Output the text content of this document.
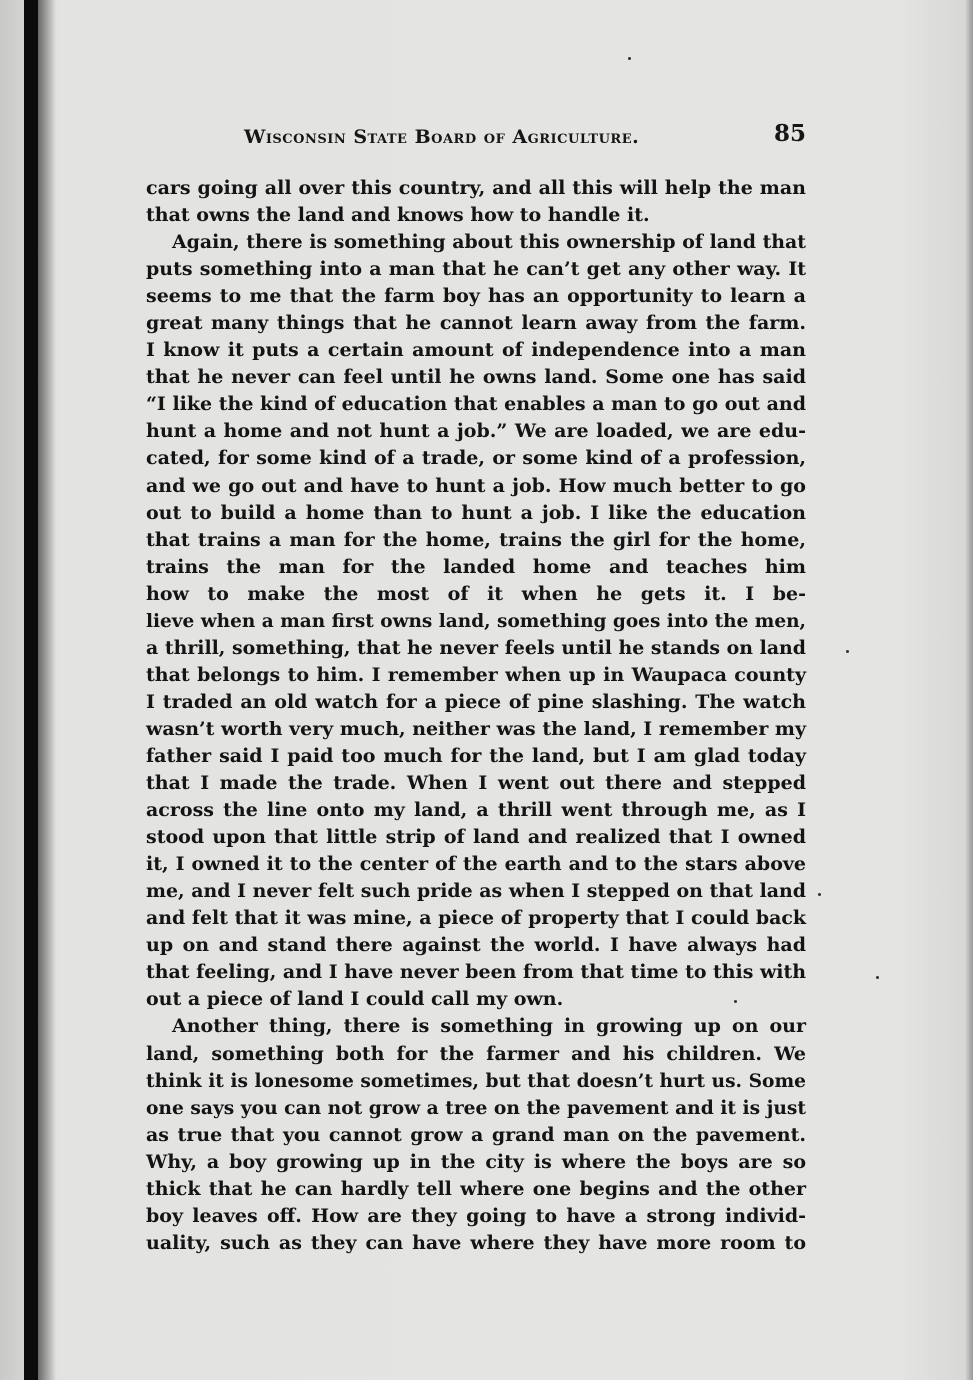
Wisconsin State Board of Agriculture.	85
cars going all over this country, and all this will help the man
that owns the land and knows how to handle it.
Again, there is something about this ownership of land that
puts something into a man that he can’t get any other way. It
seems to me that the farm boy has an opportunity to learn a
great many things that he cannot learn away from the farm.
I know it puts a certain amount of independence into a man
that he never can feel until he owns land. Some one has said
“I like the kind of education that enables a man to go out and
hunt a home and not hunt a job.” We are loaded, we are edu-
cated, for some kind of a trade, or some kind of a profession,
and we go out and have to hunt a job. How much better to go
out to build a home than to hunt a job. I like the education
that trains a man for the home, trains the girl for the home,
trains the man for the landed home and teaches him
how to make the most of it when he gets it. I be-
lieve when a man first owns land, something goes into the men,
a thrill, something, that he never feels until he stands on land
that belongs to him. I remember when up in Waupaca county
I traded an old watch for a piece of pine slashing. The watch
wasn’t worth very much, neither was the land, I remember my
father said I paid too much for the land, but I am glad today
that I made the trade. When I went out there and stepped
across the line onto my land, a thrill went through me, as I
stood upon that little strip of land and realized that I owned
it, I owned it to the center of the earth and to the stars above
me, and I never felt such pride as when I stepped on that land
and felt that it was mine, a piece of property that I could back
up on and stand there against the world. I have always had
that feeling, and I have never been from that time to this with
out a piece of land I could call my own.
Another thing, there is something in growing up on our
land, something both for the farmer and his children. We
think it is lonesome sometimes, but that doesn’t hurt us. Some
one says you can not grow a tree on the pavement and it is just
as true that you cannot grow a grand man on the pavement.
Why, a boy growing up in the city is where the boys are so
thick that he can hardly tell where one begins and the other
boy leaves off. How are they going to have a strong individ-
uality, such as they can have where they have more room to
